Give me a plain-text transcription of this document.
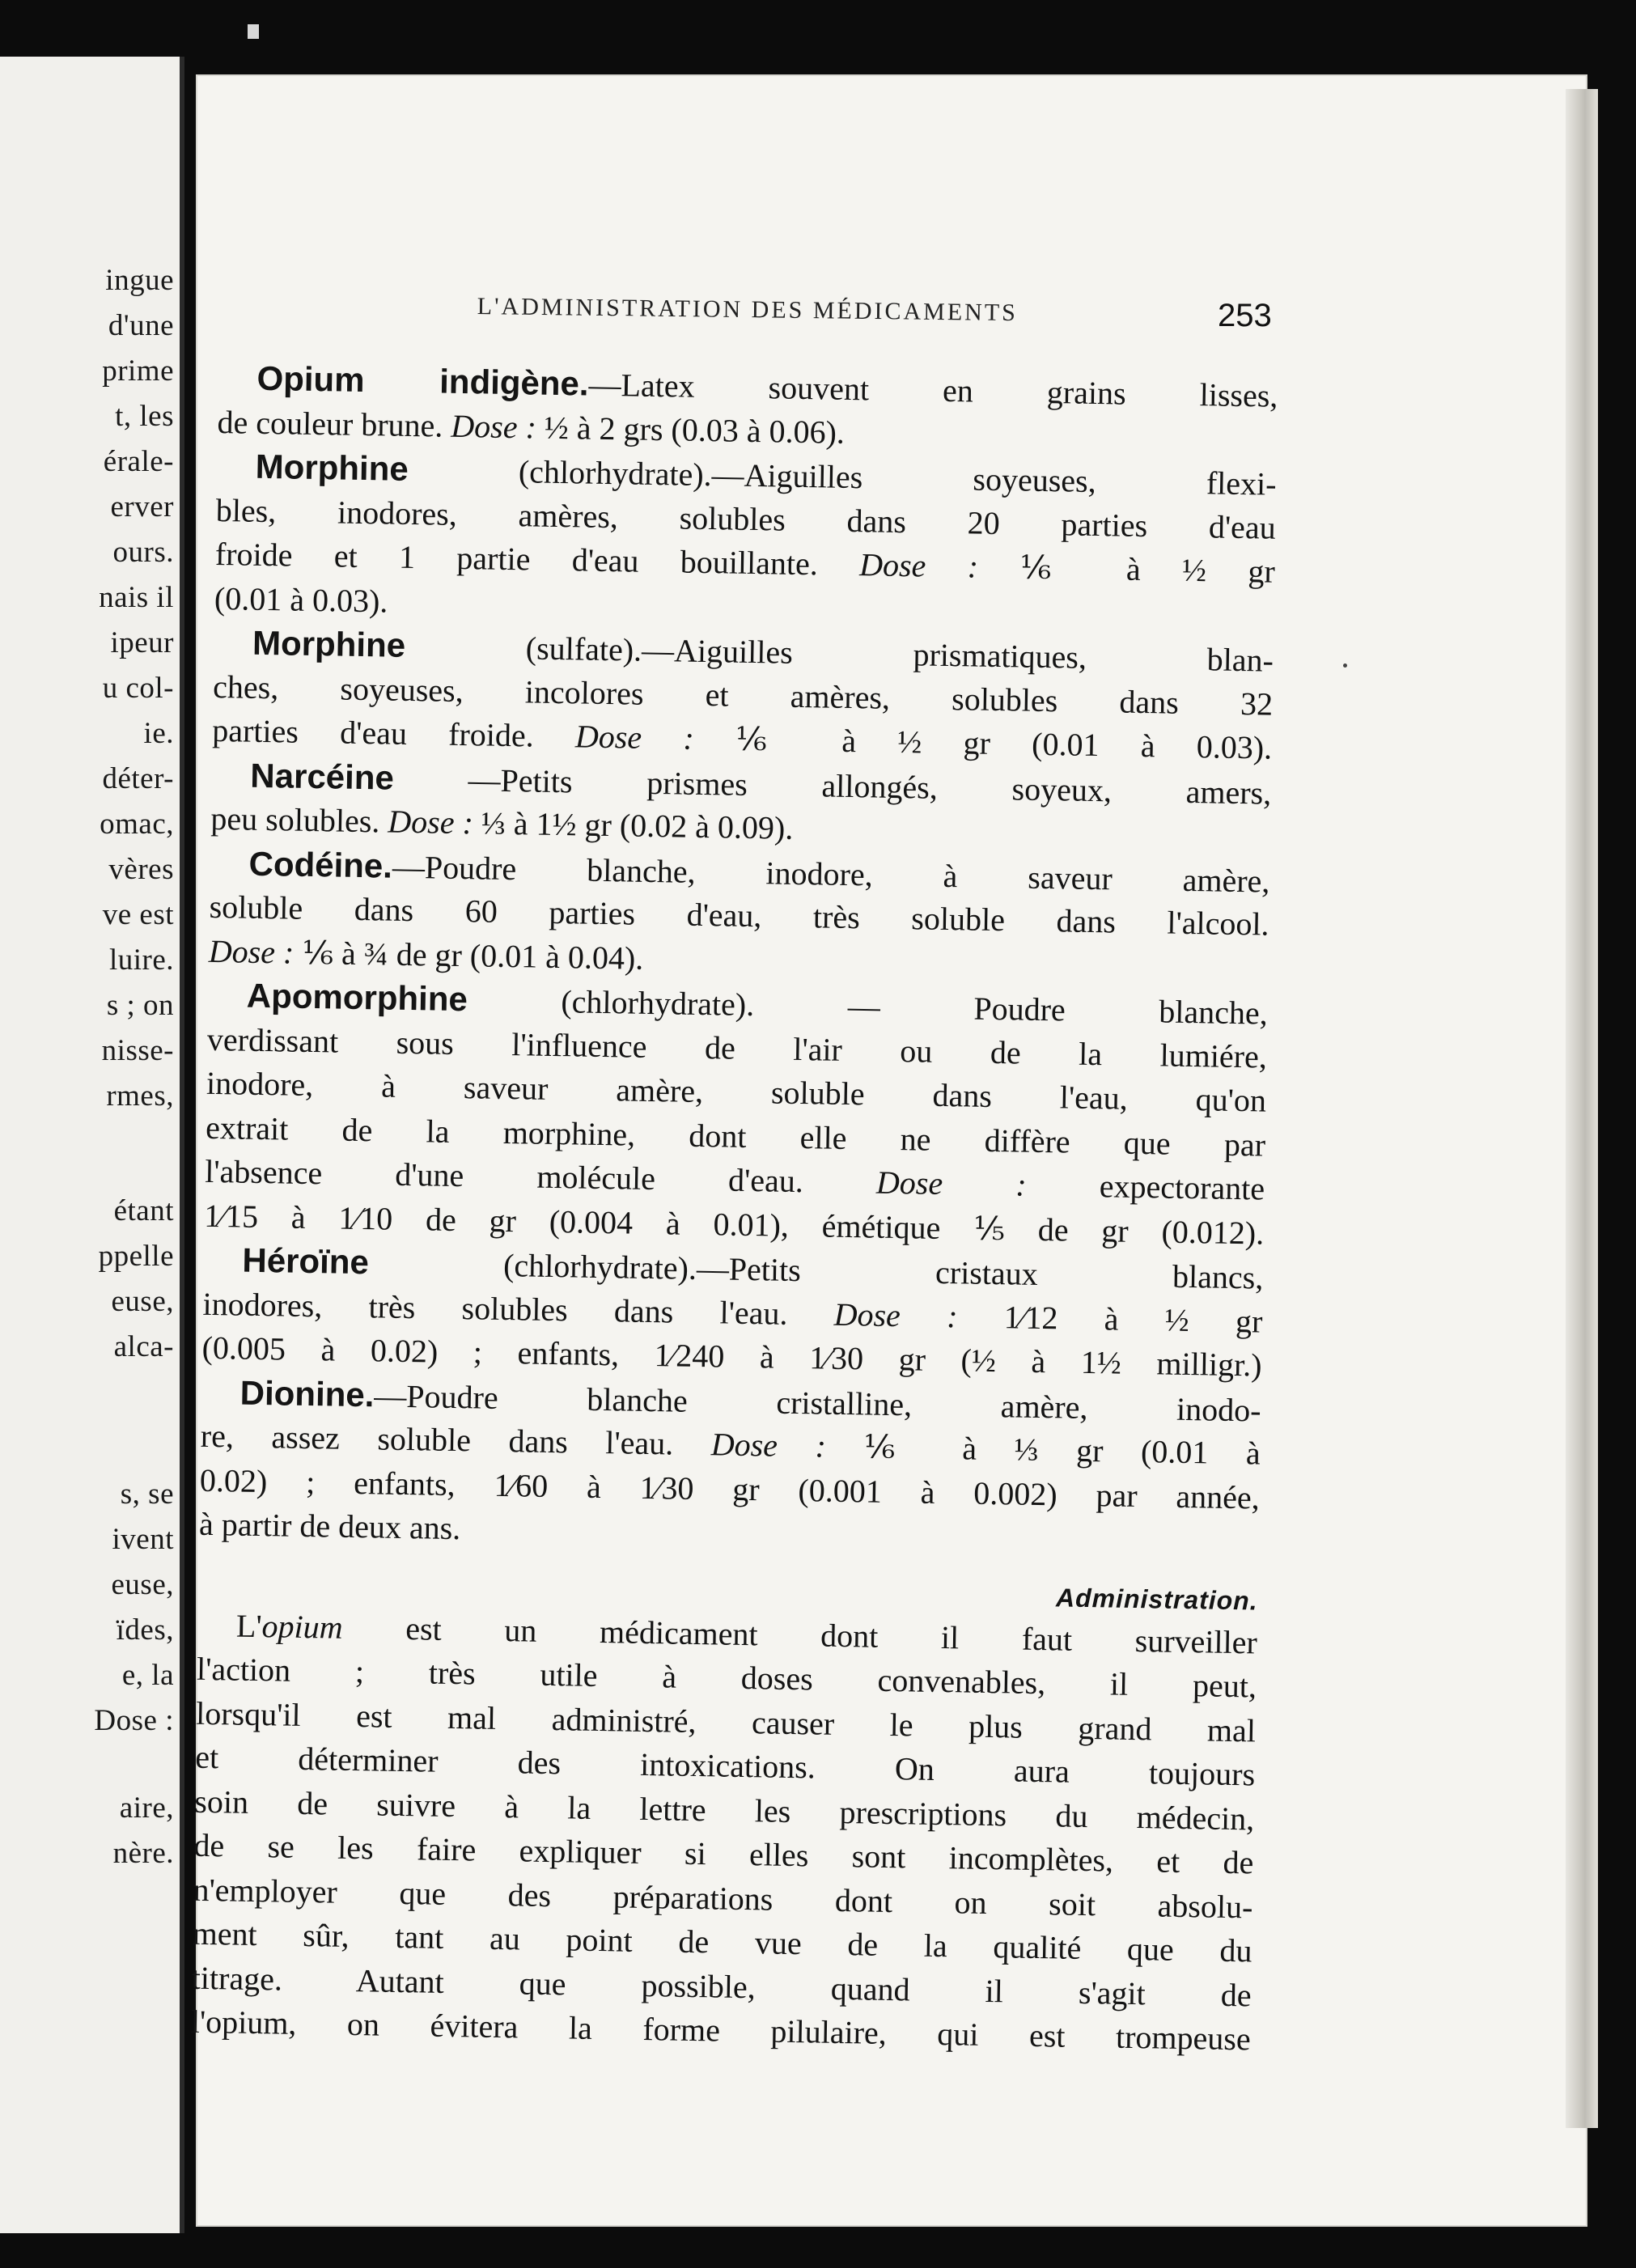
ingue
d'une
prime
t, les
érale-
erver
ours.
nais il
ipeur
u col-
ie.
déter-
omac,
vères
ve est
luire.
s ; on
nisse-
rmes,
étant
ppelle
euse,
alca-
s, se
ivent
euse,
ïdes,
e, la
Dose :
aire,
nère.
L'ADMINISTRATION DES MÉDICAMENTS	253
Opium indigène.—Latex souvent en grains lisses,
de couleur brune. Dose : ½ à 2 grs (0.03 à 0.06).
Morphine (chlorhydrate).—Aiguilles soyeuses, flexi-
bles, inodores, amères, solubles dans 20 parties d'eau
froide et 1 partie d'eau bouillante. Dose : ⅙ à ½ gr
(0.01 à 0.03).
Morphine (sulfate).—Aiguilles prismatiques, blan-
ches, soyeuses, incolores et amères, solubles dans 32
parties d'eau froide. Dose : ⅙ à ½ gr (0.01 à 0.03).
Narcéine —Petits prismes allongés, soyeux, amers,
peu solubles. Dose : ⅓ à 1½ gr (0.02 à 0.09).
Codéine.—Poudre blanche, inodore, à saveur amère,
soluble dans 60 parties d'eau, très soluble dans l'alcool.
Dose : ⅙ à ¾ de gr (0.01 à 0.04).
Apomorphine (chlorhydrate). — Poudre blanche,
verdissant sous l'influence de l'air ou de la lumiére,
inodore, à saveur amère, soluble dans l'eau, qu'on
extrait de la morphine, dont elle ne diffère que par
l'absence d'une molécule d'eau. Dose : expectorante
1⁄15 à 1⁄10 de gr (0.004 à 0.01), émétique ⅕ de gr (0.012).
Héroïne (chlorhydrate).—Petits cristaux blancs,
inodores, très solubles dans l'eau. Dose : 1⁄12 à ½ gr
(0.005 à 0.02) ; enfants, 1⁄240 à 1⁄30 gr (½ à 1½ milligr.)
Dionine.—Poudre blanche cristalline, amère, inodo-
re, assez soluble dans l'eau. Dose : ⅙ à ⅓ gr (0.01 à
0.02) ; enfants, 1⁄60 à 1⁄30 gr (0.001 à 0.002) par année,
à partir de deux ans.
Administration.
L'opium est un médicament dont il faut surveiller
l'action ; très utile à doses convenables, il peut,
lorsqu'il est mal administré, causer le plus grand mal
et déterminer des intoxications. On aura toujours
soin de suivre à la lettre les prescriptions du médecin,
de se les faire expliquer si elles sont incomplètes, et de
n'employer que des préparations dont on soit absolu-
ment sûr, tant au point de vue de la qualité que du
titrage. Autant que possible, quand il s'agit de
l'opium, on évitera la forme pilulaire, qui est trompeuse
